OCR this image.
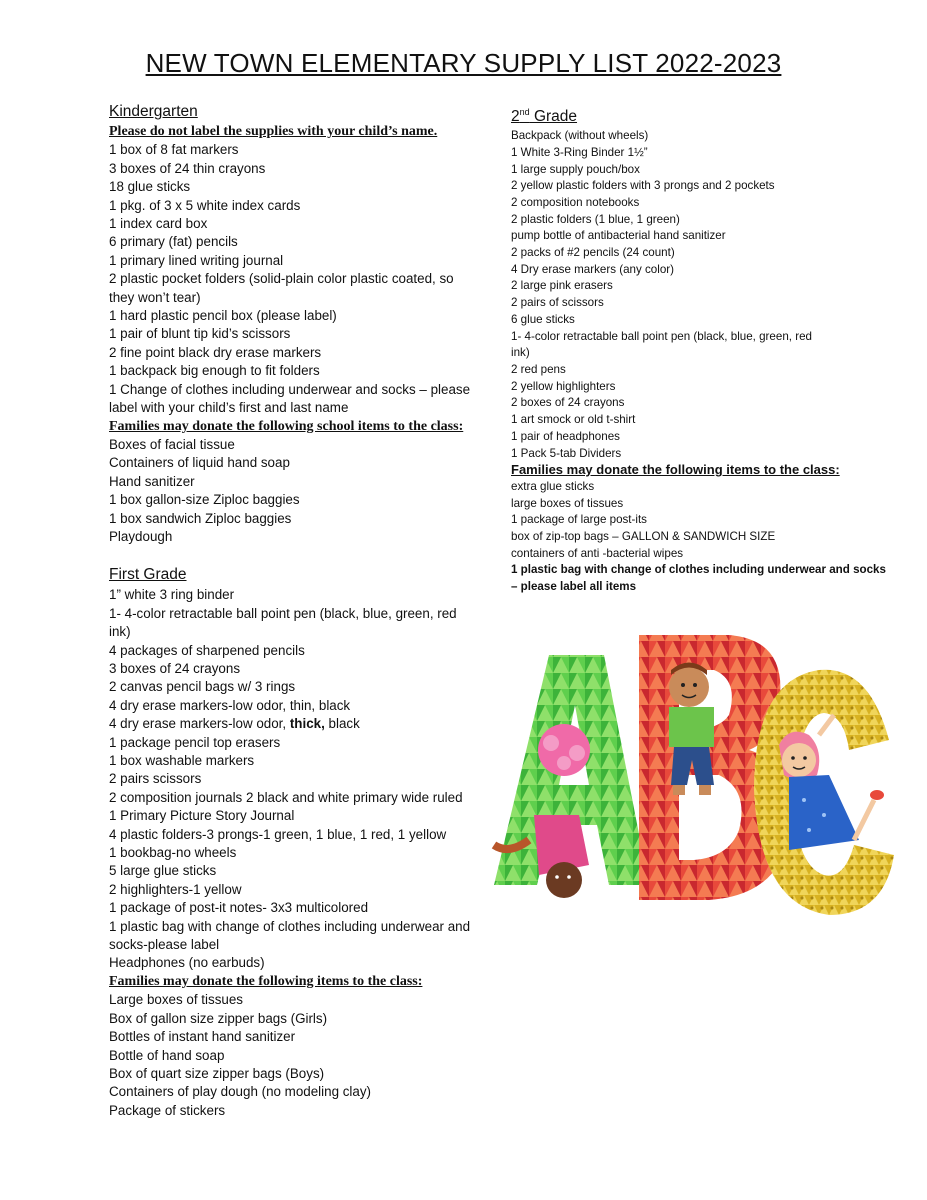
NEW TOWN ELEMENTARY SUPPLY LIST 2022-2023
Kindergarten
Please do not label the supplies with your child’s name.
1 box of 8 fat markers
3 boxes of 24 thin crayons
18 glue sticks
1 pkg. of 3 x 5 white index cards
1 index card box
6 primary (fat) pencils
1 primary lined writing journal
2 plastic pocket folders (solid-plain color plastic coated, so
they won’t tear)
1 hard plastic pencil box (please label)
1 pair of blunt tip kid’s scissors
2 fine point black dry erase markers
1 backpack big enough to fit folders
1 Change of clothes including underwear and socks – please
label with your child’s first and last name
Families may donate the following school items to the class:
Boxes of facial tissue
Containers of liquid hand soap
Hand sanitizer
1 box gallon-size Ziploc baggies
1 box sandwich Ziploc baggies
Playdough
First Grade
1” white 3 ring binder
1- 4-color retractable ball point pen (black, blue, green, red
ink)
4 packages of sharpened pencils
3 boxes of 24 crayons
2 canvas pencil bags w/ 3 rings
4 dry erase markers-low odor, thin, black
4 dry erase markers-low odor, thick, black
1 package pencil top erasers
1 box washable markers
2 pairs scissors
2 composition journals 2 black and white primary wide ruled
1 Primary Picture Story Journal
4 plastic folders-3 prongs-1 green, 1 blue, 1 red, 1 yellow
1 bookbag-no wheels
5 large glue sticks
2 highlighters-1 yellow
1 package of post-it notes- 3x3 multicolored
1 plastic bag with change of clothes including underwear and
socks-please label
Headphones (no earbuds)
Families may donate the following items to the class:
Large boxes of tissues
Box of gallon size zipper bags (Girls)
Bottles of instant hand sanitizer
Bottle of hand soap
Box of quart size zipper bags (Boys)
Containers of play dough (no modeling clay)
Package of stickers
2nd Grade
Backpack (without wheels)
1 White 3-Ring Binder 1½”
1 large supply pouch/box
2 yellow plastic folders with 3 prongs and 2 pockets
2 composition notebooks
2 plastic folders (1 blue, 1 green)
pump bottle of antibacterial hand sanitizer
2 packs of #2 pencils (24 count)
4 Dry erase markers (any color)
2 large pink erasers
2 pairs of scissors
6 glue sticks
1- 4-color retractable ball point pen (black, blue, green, red
ink)
2 red pens
2 yellow highlighters
2 boxes of 24 crayons
1 art smock or old t-shirt
1 pair of headphones
1 Pack 5-tab Dividers
Families may donate the following items to the class:
extra glue sticks
large boxes of tissues
1 package of large post-its
box of zip-top bags – GALLON & SANDWICH SIZE
containers of anti -bacterial wipes
1 plastic bag with change of clothes including underwear and socks
– please label all items
